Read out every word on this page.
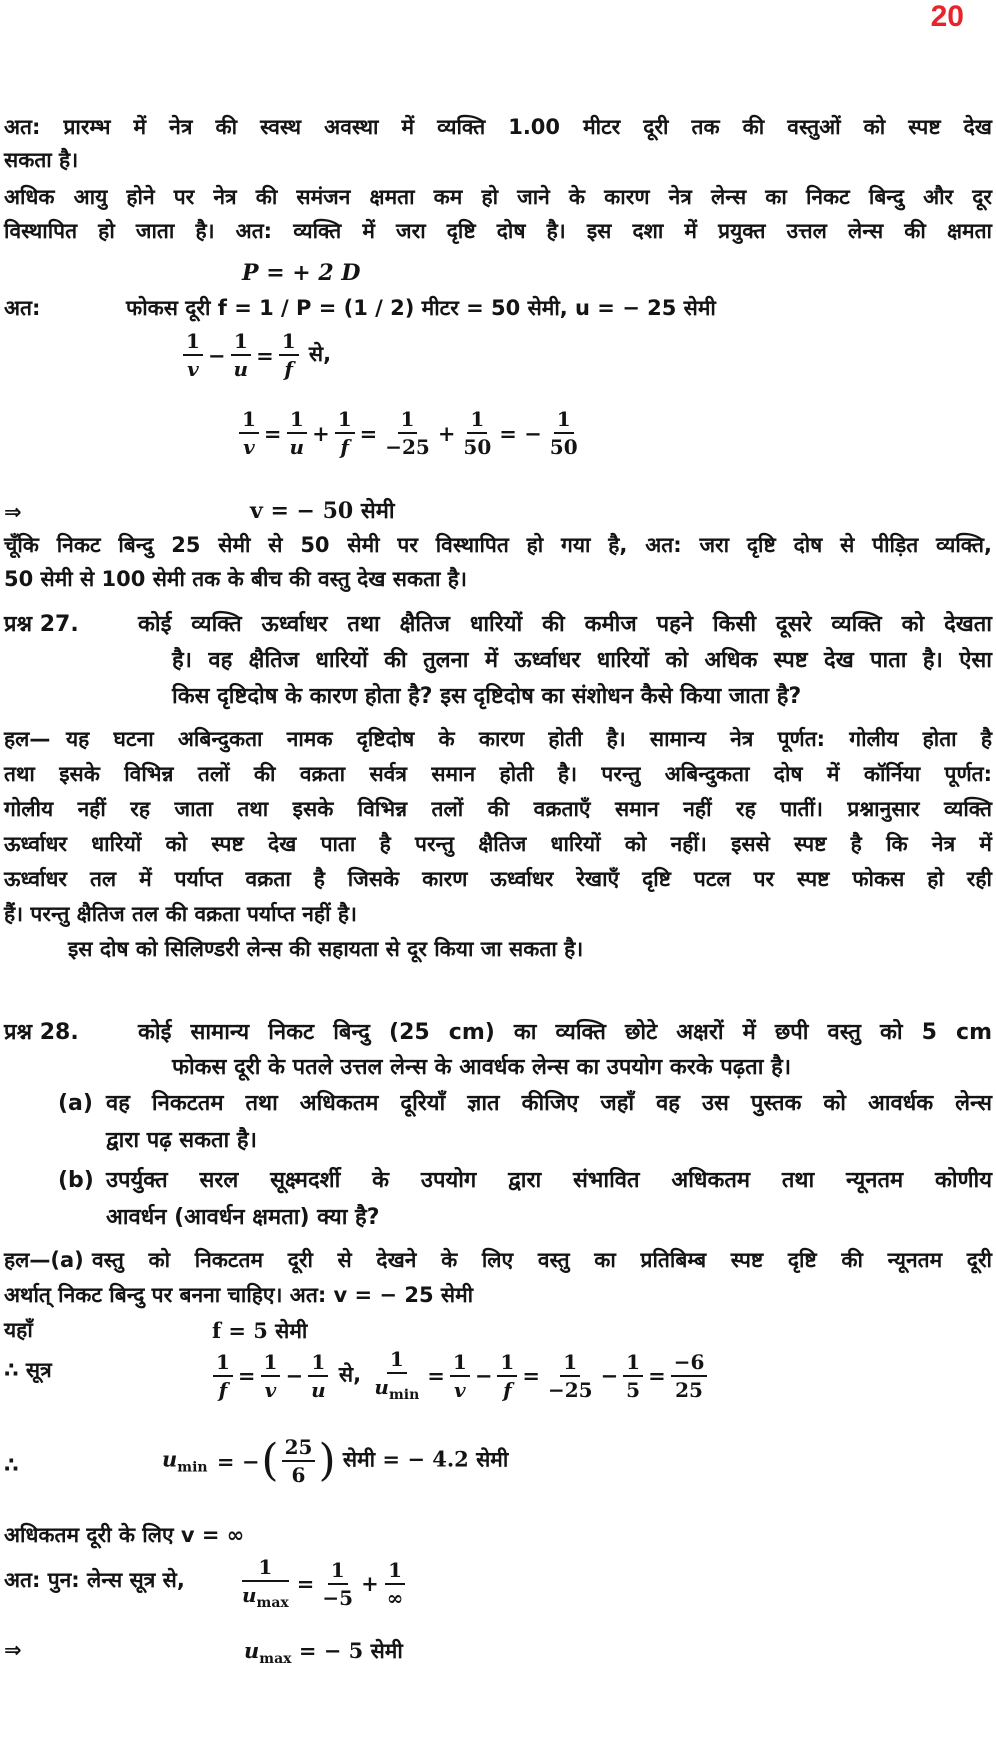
20
अत: प्रारम्भ में नेत्र की स्वस्थ अवस्था में व्यक्ति 1.00 मीटर दूरी तक की वस्तुओं को स्पष्ट देख
सकता है।
अधिक आयु होने पर नेत्र की समंजन क्षमता कम हो जाने के कारण नेत्र लेन्स का निकट बिन्दु और दूर
विस्थापित हो जाता है। अत: व्यक्ति में जरा दृष्टि दोष है। इस दशा में प्रयुक्त उत्तल लेन्स की क्षमता
P = + 2 D
अत:	फोकस दूरी f = 1 / P = (1 / 2) मीटर = 50 सेमी, u = − 25 सेमी
$\frac{1}{v} - \frac{1}{u} = \frac{1}{f}$ से,
$\frac{1}{v} = \frac{1}{u} + \frac{1}{f} = \frac{1}{-25} + \frac{1}{50}$ = − $\frac{1}{50}$
⇒	v = − 50 सेमी
चूँकि निकट बिन्दु 25 सेमी से 50 सेमी पर विस्थापित हो गया है, अत: जरा दृष्टि दोष से पीड़ित व्यक्ति,
50 सेमी से 100 सेमी तक के बीच की वस्तु देख सकता है।
प्रश्न 27.	कोई व्यक्ति ऊर्ध्वाधर तथा क्षैतिज धारियों की कमीज पहने किसी दूसरे व्यक्ति को देखता
है। वह क्षैतिज धारियों की तुलना में ऊर्ध्वाधर धारियों को अधिक स्पष्ट देख पाता है। ऐसा
किस दृष्टिदोष के कारण होता है? इस दृष्टिदोष का संशोधन कैसे किया जाता है?
हल— यह घटना अबिन्दुकता नामक दृष्टिदोष के कारण होती है। सामान्य नेत्र पूर्णत: गोलीय होता है
तथा इसके विभिन्न तलों की वक्रता सर्वत्र समान होती है। परन्तु अबिन्दुकता दोष में कॉर्निया पूर्णत:
गोलीय नहीं रह जाता तथा इसके विभिन्न तलों की वक्रताएँ समान नहीं रह पातीं। प्रश्नानुसार व्यक्ति
ऊर्ध्वाधर धारियों को स्पष्ट देख पाता है परन्तु क्षैतिज धारियों को नहीं। इससे स्पष्ट है कि नेत्र में
ऊर्ध्वाधर तल में पर्याप्त वक्रता है जिसके कारण ऊर्ध्वाधर रेखाएँ दृष्टि पटल पर स्पष्ट फोकस हो रही
हैं। परन्तु क्षैतिज तल की वक्रता पर्याप्त नहीं है।
इस दोष को सिलिण्डरी लेन्स की सहायता से दूर किया जा सकता है।
प्रश्न 28.	कोई सामान्य निकट बिन्दु (25 cm) का व्यक्ति छोटे अक्षरों में छपी वस्तु को 5 cm
फोकस दूरी के पतले उत्तल लेन्स के आवर्धक लेन्स का उपयोग करके पढ़ता है।
(a) वह निकटतम तथा अधिकतम दूरियाँ ज्ञात कीजिए जहाँ वह उस पुस्तक को आवर्धक लेन्स
द्वारा पढ़ सकता है।
(b) उपर्युक्त सरल सूक्ष्मदर्शी के उपयोग द्वारा संभावित अधिकतम तथा न्यूनतम कोणीय
आवर्धन (आवर्धन क्षमता) क्या है?
हल—(a) वस्तु को निकटतम दूरी से देखने के लिए वस्तु का प्रतिबिम्ब स्पष्ट दृष्टि की न्यूनतम दूरी
अर्थात् निकट बिन्दु पर बनना चाहिए। अत: v = − 25 सेमी
यहाँ	f = 5 सेमी
∴ सूत्र	$\frac{1}{f} = \frac{1}{v} - \frac{1}{u}$ से, $\frac{1}{u_{min}} = \frac{1}{v} - \frac{1}{f} = \frac{1}{-25} - \frac{1}{5} = \frac{-6}{25}$
∴	$u_{min}$ = −( $\frac{25}{6}$ ) सेमी = − 4.2 सेमी
अधिकतम दूरी के लिए v = ∞
अत: पुन: लेन्स सूत्र से,	$\frac{1}{u_{max}} = \frac{1}{-5} + \frac{1}{\infty}$
⇒	$u_{max}$ = − 5 सेमी
